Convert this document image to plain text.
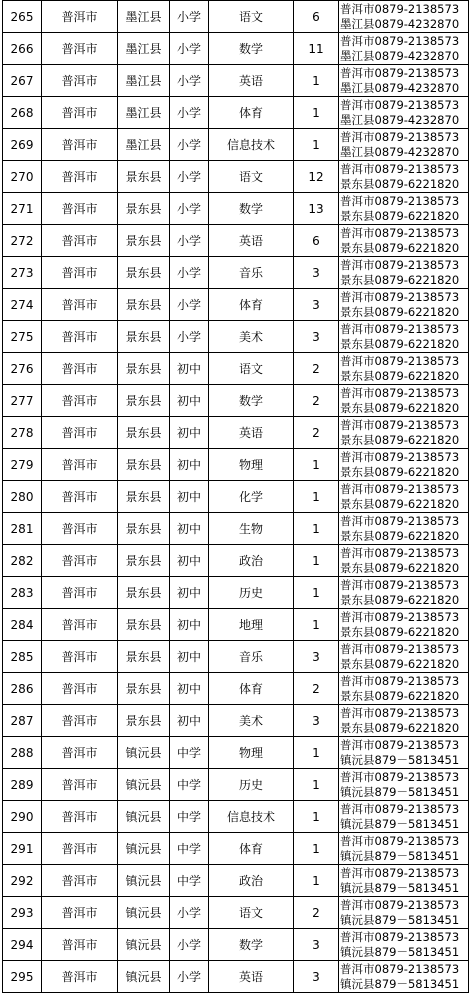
265	普洱市	墨江县	小学	语文	6	普洱市0879-2138573
墨江县0879-4232870

266	普洱市	墨江县	小学	数学	11	普洱市0879-2138573
墨江县0879-4232870

267	普洱市	墨江县	小学	英语	1	普洱市0879-2138573
墨江县0879-4232870

268	普洱市	墨江县	小学	体育	1	普洱市0879-2138573
墨江县0879-4232870

269	普洱市	墨江县	小学	信息技术	1	普洱市0879-2138573
墨江县0879-4232870

270	普洱市	景东县	小学	语文	12	普洱市0879-2138573
景东县0879-6221820

271	普洱市	景东县	小学	数学	13	普洱市0879-2138573
景东县0879-6221820

272	普洱市	景东县	小学	英语	6	普洱市0879-2138573
景东县0879-6221820

273	普洱市	景东县	小学	音乐	3	普洱市0879-2138573
景东县0879-6221820

274	普洱市	景东县	小学	体育	3	普洱市0879-2138573
景东县0879-6221820

275	普洱市	景东县	小学	美术	3	普洱市0879-2138573
景东县0879-6221820

276	普洱市	景东县	初中	语文	2	普洱市0879-2138573
景东县0879-6221820

277	普洱市	景东县	初中	数学	2	普洱市0879-2138573
景东县0879-6221820

278	普洱市	景东县	初中	英语	2	普洱市0879-2138573
景东县0879-6221820

279	普洱市	景东县	初中	物理	1	普洱市0879-2138573
景东县0879-6221820

280	普洱市	景东县	初中	化学	1	普洱市0879-2138573
景东县0879-6221820

281	普洱市	景东县	初中	生物	1	普洱市0879-2138573
景东县0879-6221820

282	普洱市	景东县	初中	政治	1	普洱市0879-2138573
景东县0879-6221820

283	普洱市	景东县	初中	历史	1	普洱市0879-2138573
景东县0879-6221820

284	普洱市	景东县	初中	地理	1	普洱市0879-2138573
景东县0879-6221820

285	普洱市	景东县	初中	音乐	3	普洱市0879-2138573
景东县0879-6221820

286	普洱市	景东县	初中	体育	2	普洱市0879-2138573
景东县0879-6221820

287	普洱市	景东县	初中	美术	3	普洱市0879-2138573
景东县0879-6221820

288	普洱市	镇沅县	中学	物理	1	普洱市0879-2138573
镇沅县879－5813451

289	普洱市	镇沅县	中学	历史	1	普洱市0879-2138573
镇沅县879－5813451

290	普洱市	镇沅县	中学	信息技术	1	普洱市0879-2138573
镇沅县879－5813451

291	普洱市	镇沅县	中学	体育	1	普洱市0879-2138573
镇沅县879－5813451

292	普洱市	镇沅县	中学	政治	1	普洱市0879-2138573
镇沅县879－5813451

293	普洱市	镇沅县	小学	语文	2	普洱市0879-2138573
镇沅县879－5813451

294	普洱市	镇沅县	小学	数学	3	普洱市0879-2138573
镇沅县879－5813451

295	普洱市	镇沅县	小学	英语	3	普洱市0879-2138573
镇沅县879－5813451
